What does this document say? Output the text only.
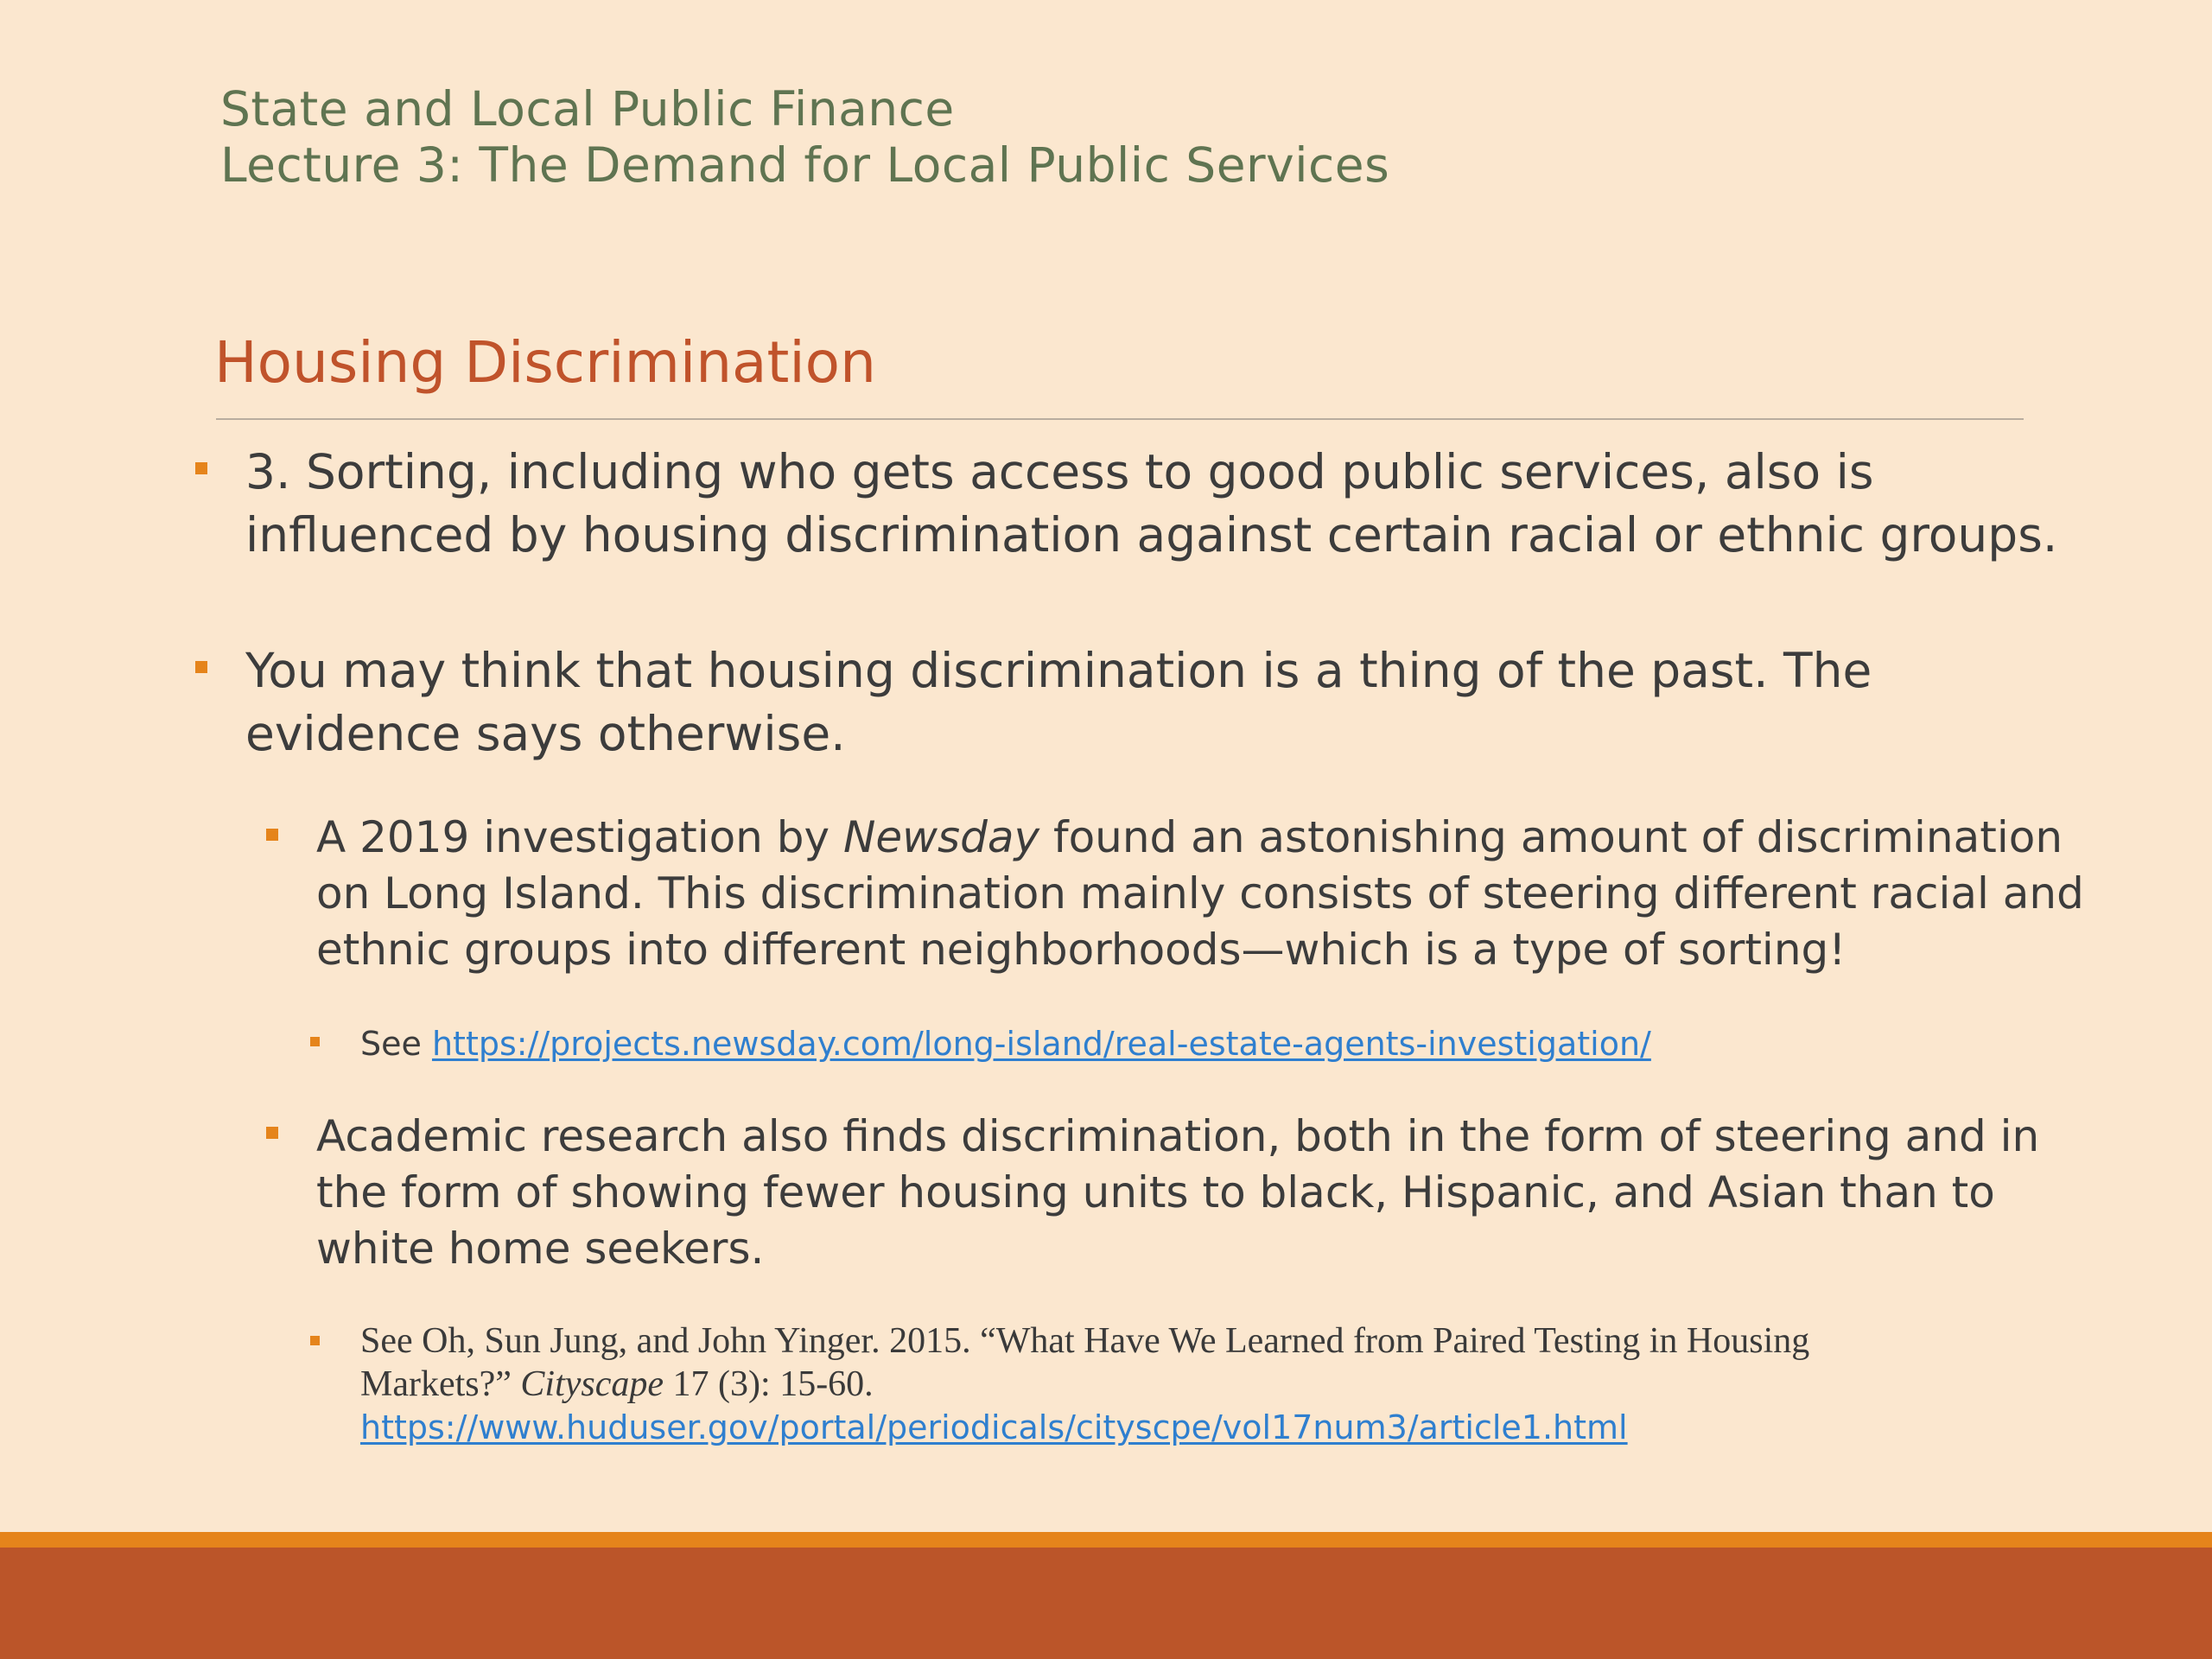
State and Local Public Finance
Lecture 3: The Demand for Local Public Services
Housing Discrimination
3. Sorting, including who gets access to good public services, also is
influenced by housing discrimination against certain racial or ethnic groups.
You may think that housing discrimination is a thing of the past. The
evidence says otherwise.
A 2019 investigation by Newsday found an astonishing amount of discrimination
on Long Island. This discrimination mainly consists of steering different racial and
ethnic groups into different neighborhoods—which is a type of sorting!
See https://projects.newsday.com/long-island/real-estate-agents-investigation/
Academic research also finds discrimination, both in the form of steering and in
the form of showing fewer housing units to black, Hispanic, and Asian than to
white home seekers.
See Oh, Sun Jung, and John Yinger. 2015. “What Have We Learned from Paired Testing in Housing
Markets?” Cityscape 17 (3): 15-60.
https://www.huduser.gov/portal/periodicals/cityscpe/vol17num3/article1.html
